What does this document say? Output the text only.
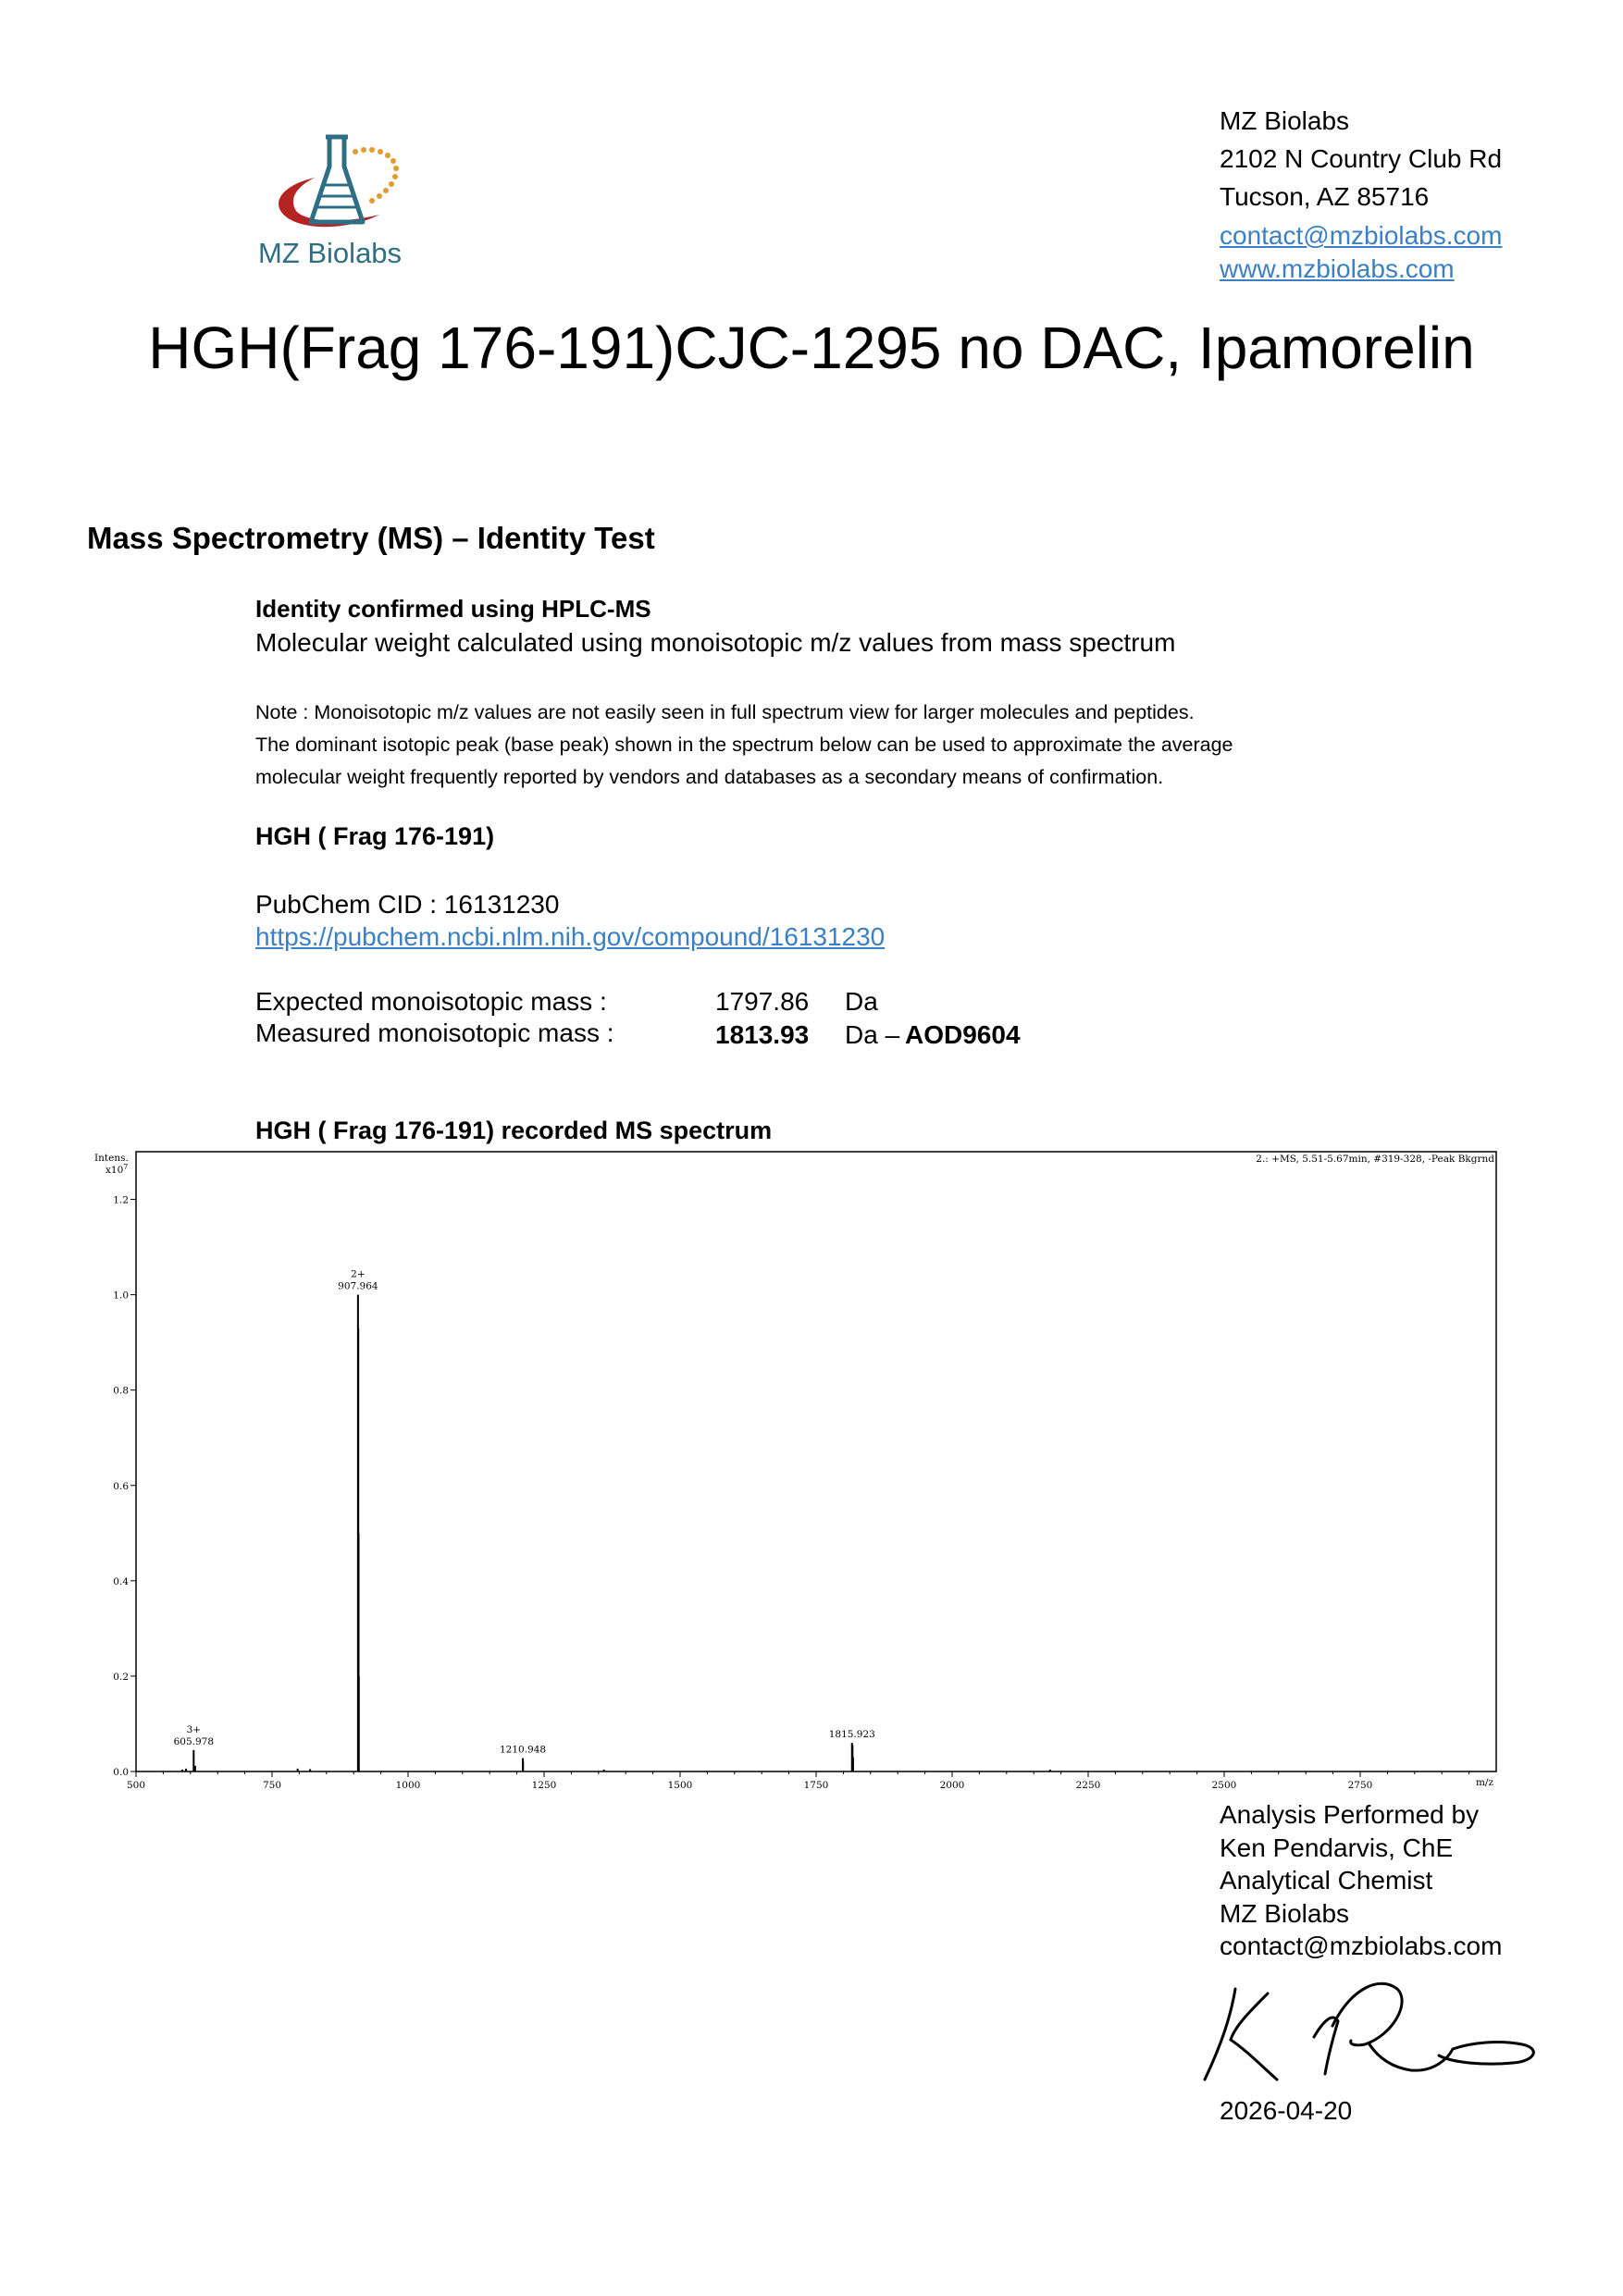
MZ Biolabs
MZ Biolabs
2102 N Country Club Rd
Tucson, AZ 85716
contact@mzbiolabs.com
www.mzbiolabs.com
HGH(Frag 176-191)CJC-1295 no DAC, Ipamorelin
Mass Spectrometry (MS) – Identity Test
Identity confirmed using HPLC-MS
Molecular weight calculated using monoisotopic m/z values from mass spectrum

Note : Monoisotopic m/z values are not easily seen in full spectrum view for larger molecules and peptides.

The dominant isotopic peak (base peak) shown in the spectrum below can be used to approximate the average

molecular weight frequently reported by vendors and databases as a secondary means of confirmation.

HGH ( Frag 176-191)
PubChem CID : 16131230
https://pubchem.ncbi.nlm.nih.gov/compound/16131230
Expected monoisotopic mass :	1797.86 Da
Measured monoisotopic mass :	1813.93 Da – AOD9604
HGH ( Frag 176-191) recorded MS spectrum
2.: +MS, 5.51-5.67min, #319-328, -Peak Bkgrnd
Intens.
$x10^7$
m/z
500	750	1000	1250	1500	1750	2000	2250	2500	2750
0.0
0.2
0.4
0.6
0.8
1.0
1.2
605.978
3+
907.964
2+
1210.948
1815.923
Analysis Performed by
Ken Pendarvis, ChE
Analytical Chemist
MZ Biolabs
contact@mzbiolabs.com
2026-04-20
